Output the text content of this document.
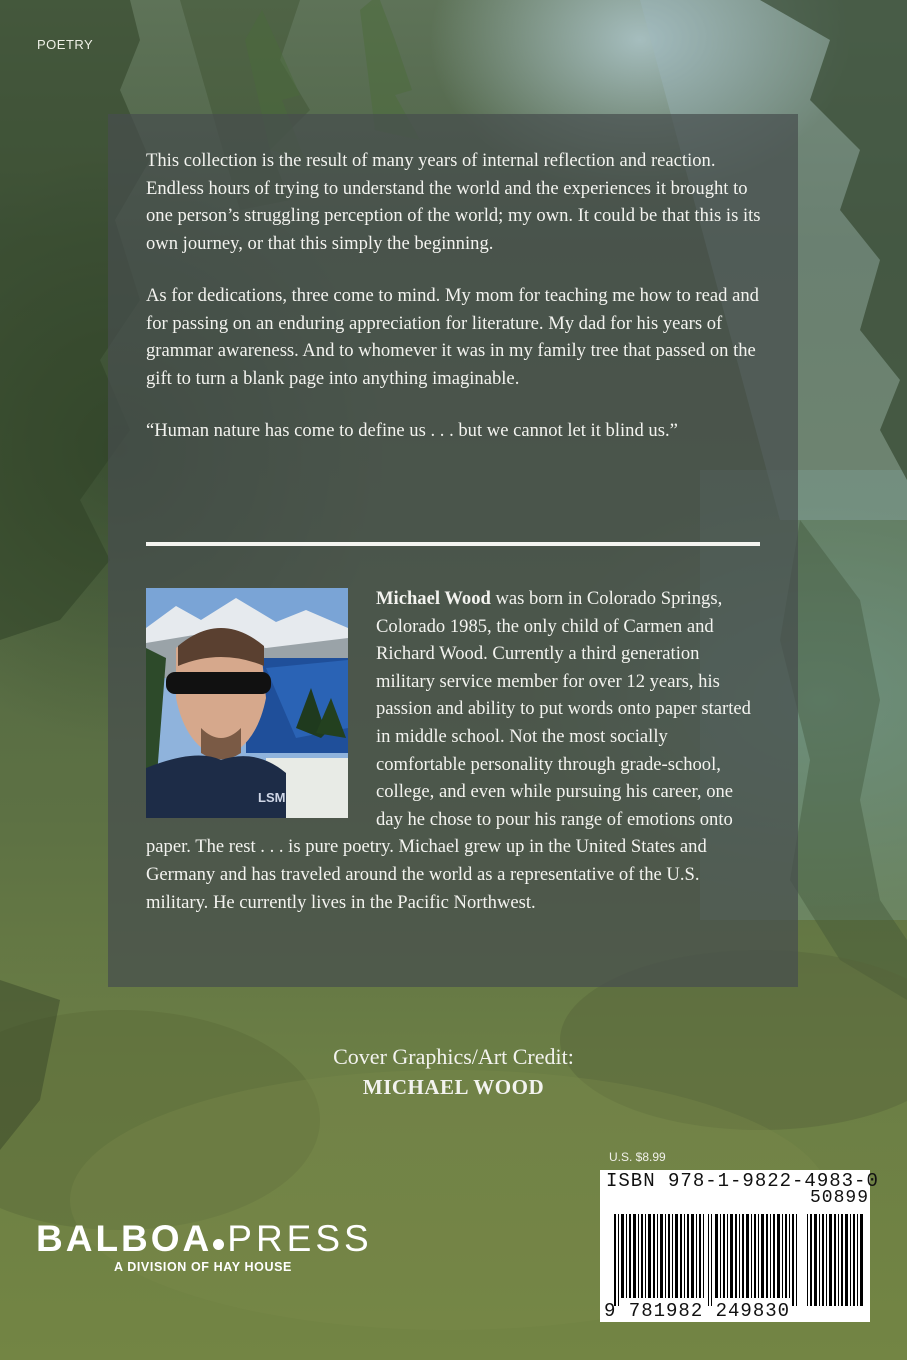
POETRY

This collection is the result of many years of internal reflection and reaction. Endless hours of trying to understand the world and the experiences it brought to one person’s struggling perception of the world; my own. It could be that this is its own journey, or that this simply the beginning.

As for dedications, three come to mind. My mom for teaching me how to read and for passing on an enduring appreciation for literature. My dad for his years of grammar awareness. And to whomever it was in my family tree that passed on the gift to turn a blank page into anything imaginable.

“Human nature has come to define us . . . but we cannot let it blind us.”

LSM
Michael Wood was born in Colorado Springs, Colorado 1985, the only child of Carmen and Richard Wood. Currently a third generation military service member for over 12 years, his passion and ability to put words onto paper started in middle school. Not the most socially comfortable personality through grade-school, college, and even while pursuing his career, one day he chose to pour his range of emotions onto paper. The rest . . . is pure poetry. Michael grew up in the United States and Germany and has traveled around the world as a representative of the U.S. military. He currently lives in the Pacific Northwest.
Cover Graphics/Art Credit:
MICHAEL WOOD
U.S. $8.99
ISBN 978-1-9822-4983-0
50899
9 781982 249830
BALBOA PRESS
A DIVISION OF HAY HOUSE
